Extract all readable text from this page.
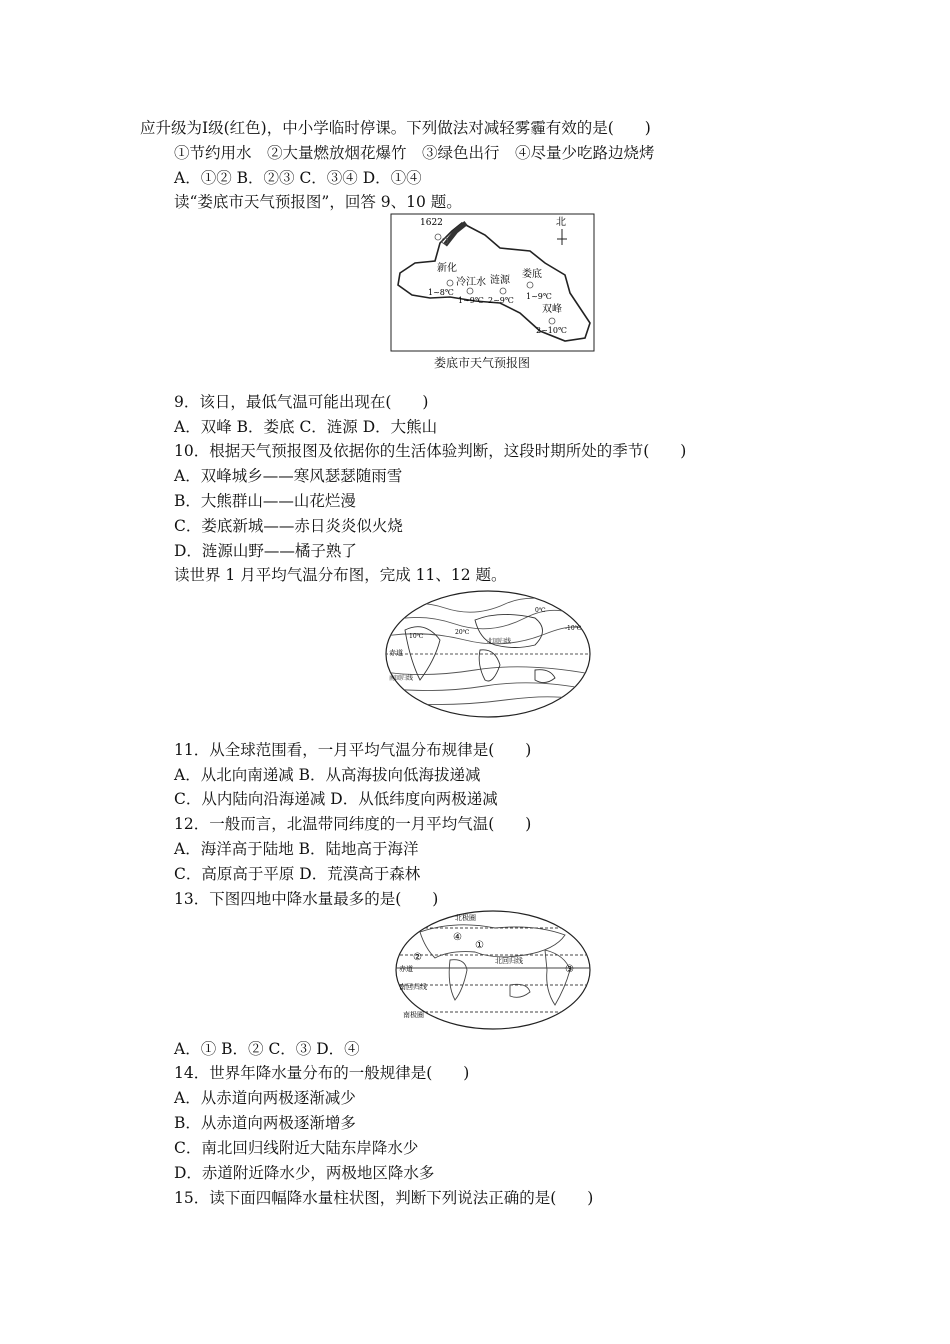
应升级为Ⅰ级(红色)，中小学临时停课。下列做法对减轻雾霾有效的是(　　)
①节约用水　②大量燃放烟花爆竹　③绿色出行　④尽量少吃路边烧烤
A．①② B．②③ C．③④ D．①④
读“娄底市天气预报图”，回答 9、10 题。
1622	北
新化
1~8℃
冷江水
1~9℃
涟源
2~9℃
娄底
1~9℃
双峰
2~10℃
娄底市天气预报图
9．该日，最低气温可能出现在(　　)
A．双峰 B．娄底 C．涟源 D．大熊山
10．根据天气预报图及依据你的生活体验判断，这段时期所处的季节(　　)
A．双峰城乡——寒风瑟瑟随雨雪
B．大熊群山——山花烂漫
C．娄底新城——赤日炎炎似火烧
D．涟源山野——橘子熟了
读世界 1 月平均气温分布图，完成 11、12 题。
赤道
南回归线
北回归线
10℃
20℃
0℃
-10℃
11．从全球范围看，一月平均气温分布规律是(　　)
A．从北向南递减 B．从高海拔向低海拔递减
C．从内陆向沿海递减 D．从低纬度向两极递减
12．一般而言，北温带同纬度的一月平均气温(　　)
A．海洋高于陆地 B．陆地高于海洋
C．高原高于平原 D．荒漠高于森林
13．下图四地中降水量最多的是(　　)
北极圈
赤道
南回归线
北回归线
南极圈
①
②
③
④
A．① B．② C．③ D．④
14．世界年降水量分布的一般规律是(　　)
A．从赤道向两极逐渐减少
B．从赤道向两极逐渐增多
C．南北回归线附近大陆东岸降水少
D．赤道附近降水少，两极地区降水多
15．读下面四幅降水量柱状图，判断下列说法正确的是(　　)
